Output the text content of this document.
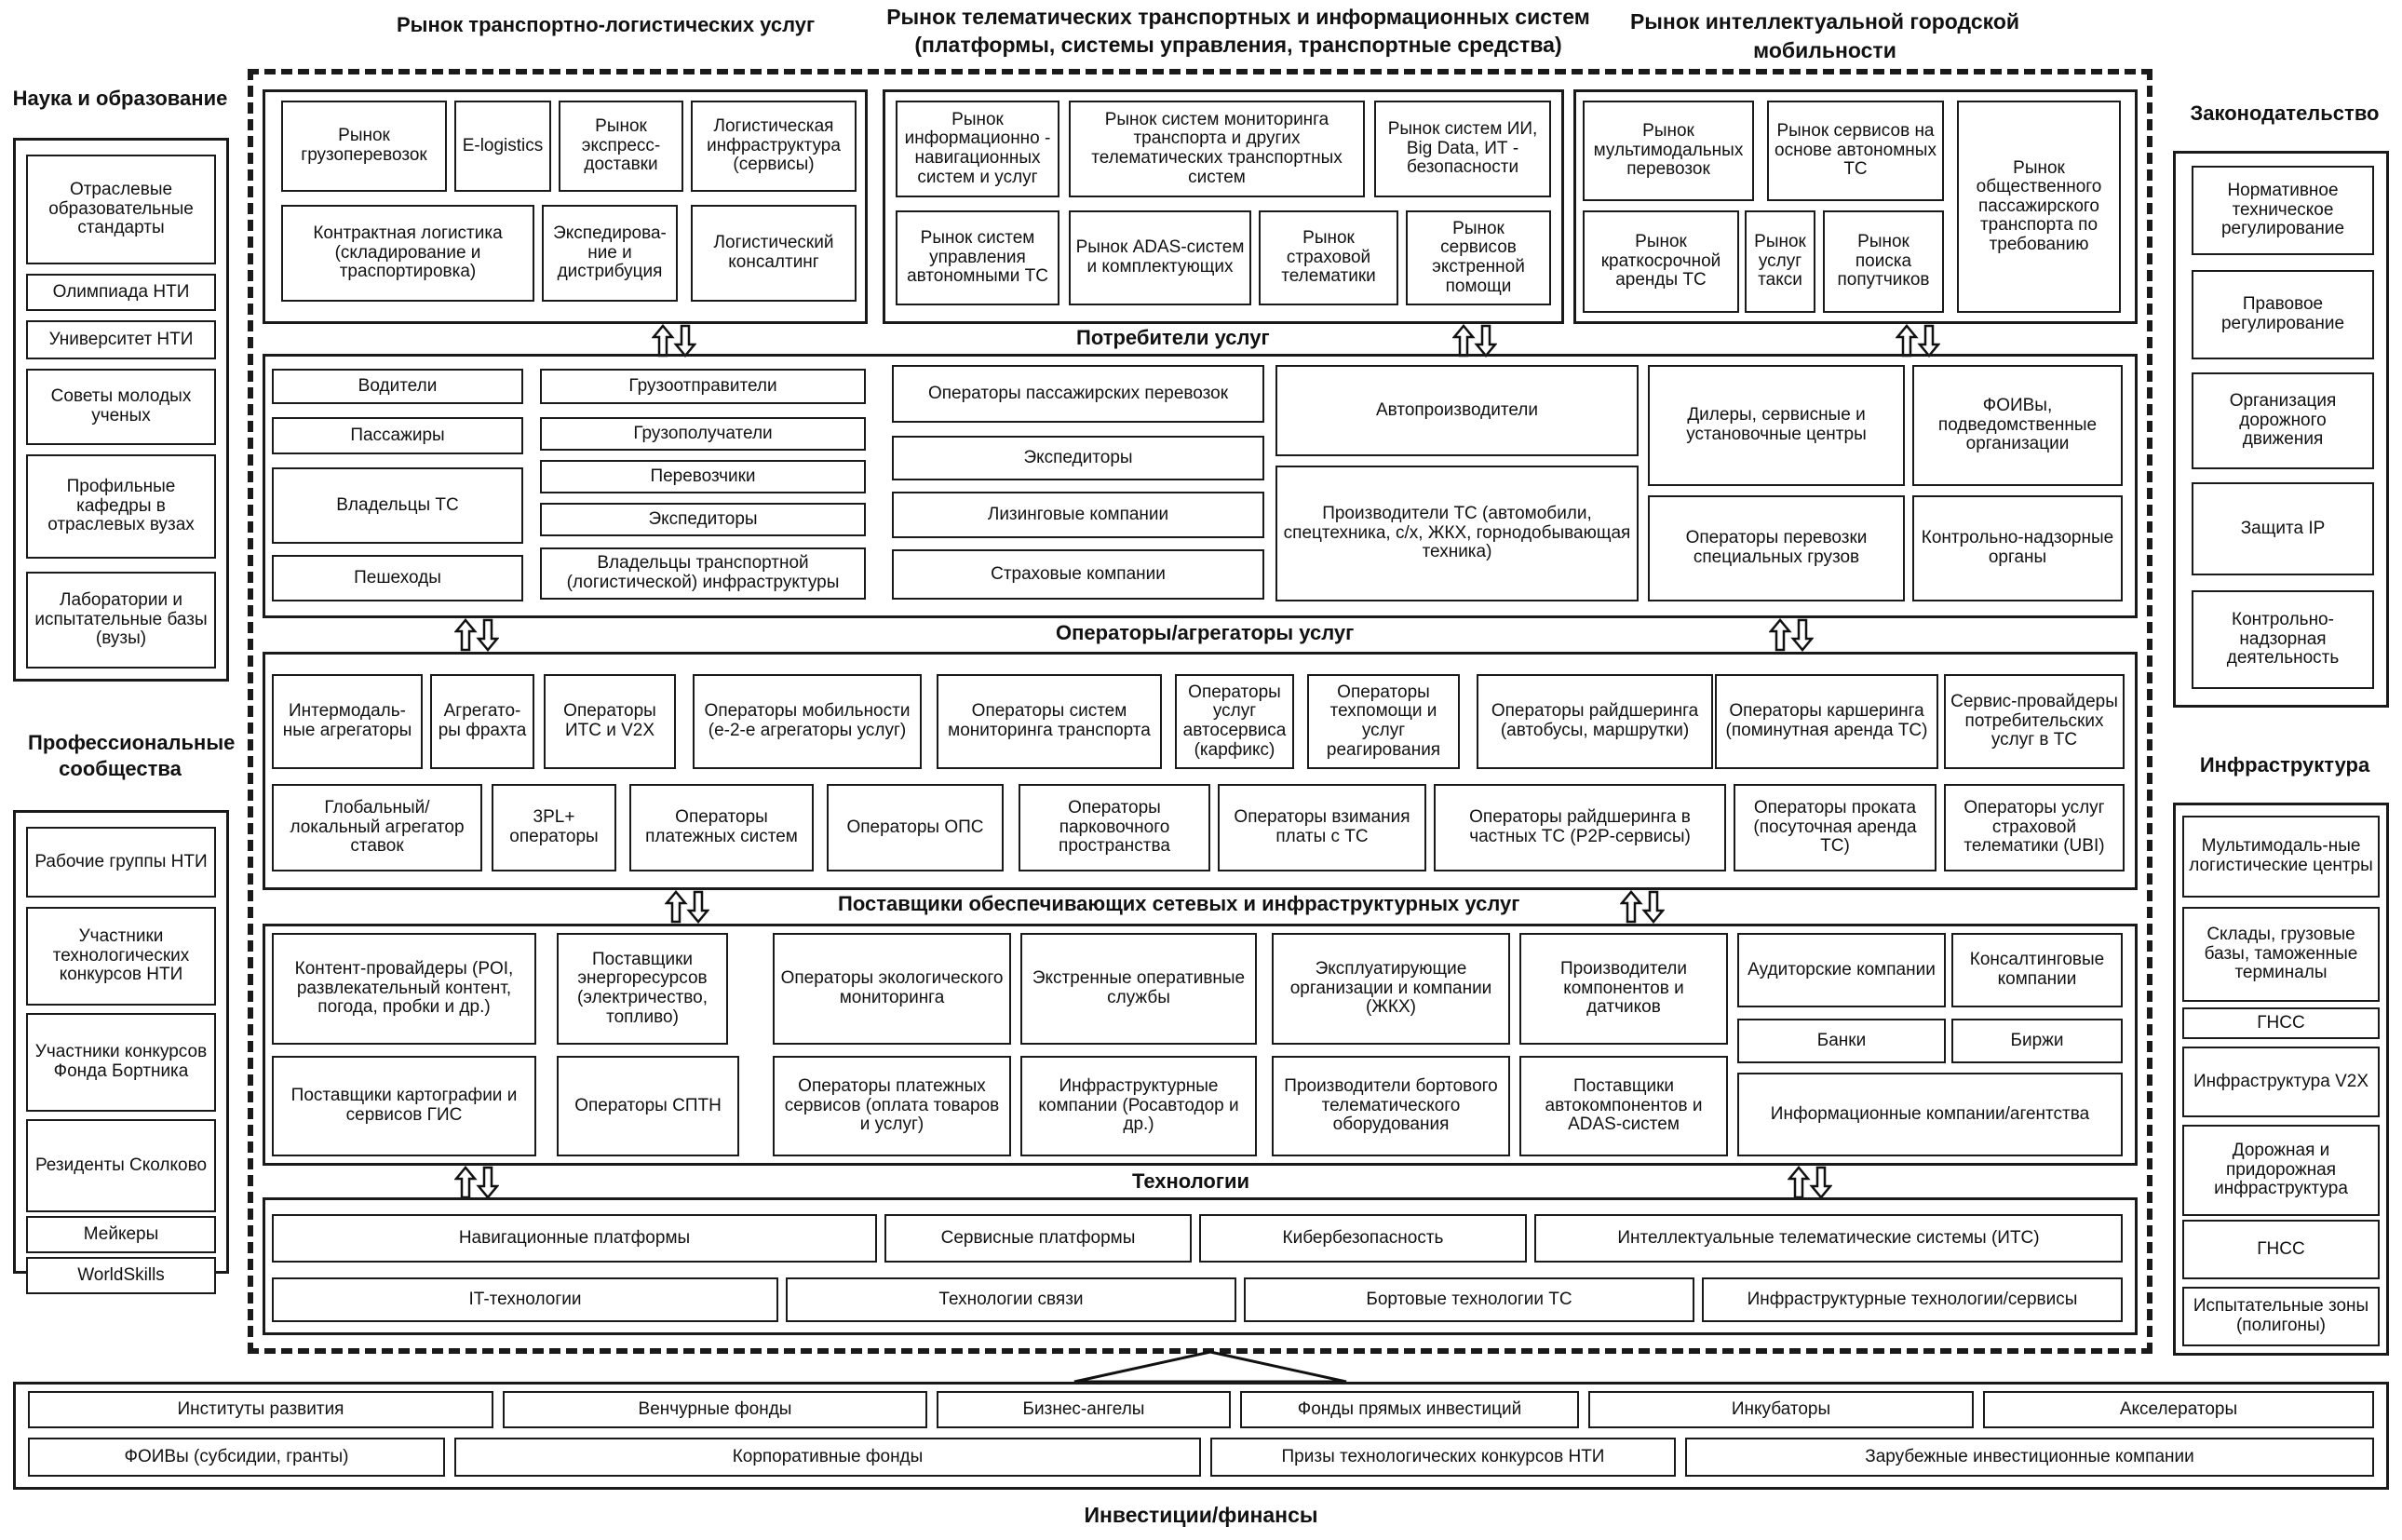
Рынок транспортно-логистических услуг	Рынок телематических транспортных и информационных систем
(платформы, системы управления, транспортные средства)
Рынок интеллектуальной городской
мобильности
Рынок грузоперевозок	E-logistics
Рынок экспресс-доставки
Логистическая инфраструктура (сервисы)
Контрактная логистика (складирование и траспортировка)
Экспедирова-ние и дистрибуция
Логистический консалтинг
Рынок информационно - навигационных систем и услуг
Рынок систем мониторинга транспорта и других телематических транспортных систем
Рынок систем ИИ, Big Data, ИТ - безопасности
Рынок систем управления автономными ТС
Рынок ADAS-систем и комплектующих
Рынок страховой телематики
Рынок сервисов экстренной помощи
Рынок мультимодальных перевозок
Рынок сервисов на основе автономных ТС	Рынок общественного пассажирского транспорта по требованию
Рынок краткосрочной аренды ТС
Рынок услуг такси
Рынок поиска попутчиков
Потребители услуг
Водители
Пассажиры
Владельцы ТС
Пешеходы
Грузоотправители
Грузополучатели
Перевозчики
Экспедиторы
Владельцы транспортной (логистической) инфраструктуры
Операторы пассажирских перевозок
Экспедиторы
Лизинговые компании
Страховые компании
Автопроизводители
Производители ТС (автомобили, спецтехника, с/х, ЖКХ, горнодобывающая техника)
Дилеры, сервисные и установочные центры
ФОИВы, подведомственные организации
Операторы перевозки специальных грузов
Контрольно-надзорные органы
Операторы/агрегаторы услуг
Интермодаль-ные агрегаторы
Агрегато-ры фрахта
Операторы ИТС и V2X
Операторы мобильности (e-2-e агрегаторы услуг)
Операторы систем мониторинга транспорта
Операторы услуг автосервиса (карфикс)
Операторы техпомощи и услуг реагирования
Операторы райдшеринга (автобусы, маршрутки)
Операторы каршеринга (поминутная аренда ТС)
Сервис-провайдеры потребительских услуг в ТС
Глобальный/ локальный агрегатор ставок
3PL+ операторы
Операторы платежных систем	Операторы ОПС
Операторы парковочного пространства
Операторы взимания платы с ТС
Операторы райдшеринга в частных ТС (P2P-сервисы)
Операторы проката (посуточная аренда ТС)
Операторы услуг страховой телематики (UBI)
Поставщики обеспечивающих сетевых и инфраструктурных услуг
Контент-провайдеры (POI, развлекательный контент, погода, пробки и др.)
Поставщики энергоресурсов (электричество, топливо)
Операторы экологического мониторинга
Экстренные оперативные службы
Эксплуатирующие организации и компании (ЖКХ)
Производители компонентов и датчиков
Аудиторские компании	Консалтинговые компании
Банки	Биржи
Поставщики картографии и сервисов ГИС	Операторы СПТН
Операторы платежных сервисов (оплата товаров и услуг)
Инфраструктурные компании (Росавтодор и др.)
Производители бортового телематического оборудования
Поставщики автокомпонентов и ADAS-систем
Информационные компании/агентства
Технологии
Навигационные платформы	Сервисные платформы	Кибербезопасность	Интеллектуальные телематические системы (ИТС)
IT-технологии	Технологии связи	Бортовые технологии ТС	Инфраструктурные технологии/сервисы
Наука и образование
Отраслевые образовательные стандарты
Олимпиада НТИ
Университет НТИ
Советы молодых ученых
Профильные кафедры в отраслевых вузах
Лаборатории и испытательные базы (вузы)
Профессиональные сообщества
Рабочие группы НТИ
Участники технологических конкурсов НТИ
Участники конкурсов Фонда Бортника
Резиденты Сколково
Мейкеры
WorldSkills
Законодательство
Нормативное техническое регулирование
Правовое регулирование
Организация дорожного движения
Защита IP
Контрольно-надзорная деятельность
Инфраструктура
Мультимодаль-ные логистические центры
Склады, грузовые базы, таможенные терминалы
ГНСС
Инфраструктура V2X
Дорожная и придорожная инфраструктура
ГНСС
Испытательные зоны (полигоны)
Институты развития	Венчурные фонды	Бизнес-ангелы	Фонды прямых инвестиций	Инкубаторы	Акселераторы
ФОИВы (субсидии, гранты)	Корпоративные фонды	Призы технологических конкурсов НТИ	Зарубежные инвестиционные компании
Инвестиции/финансы
